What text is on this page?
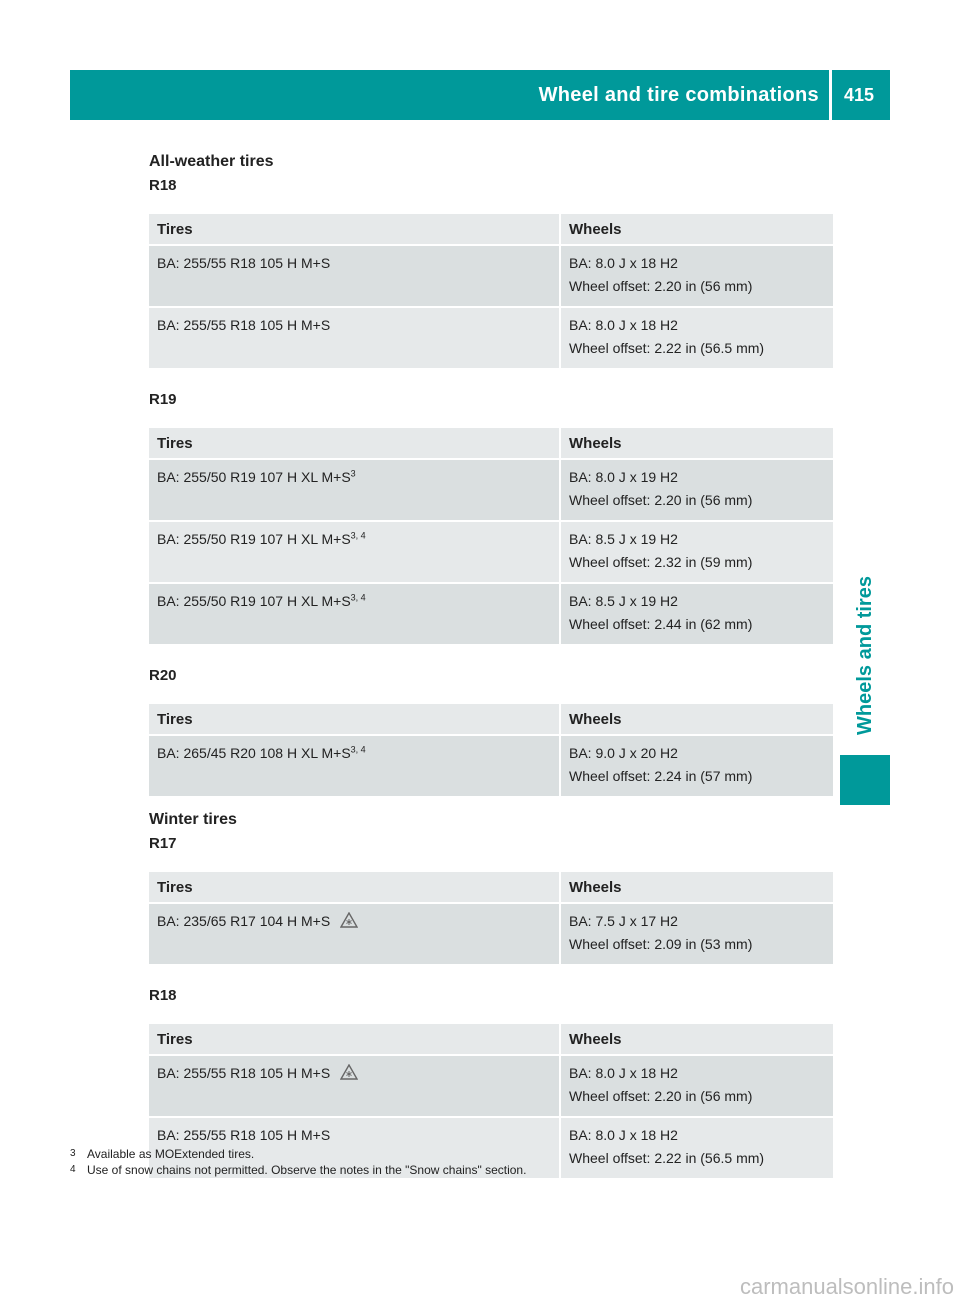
Wheel and tire combinations	415
Wheels and tires
All-weather tires
R18
Tires	Wheels
BA: 255/55 R18 105 H M+S	BA: 8.0 J x 18 H2
Wheel offset: 2.20 in (56 mm)

BA: 255/55 R18 105 H M+S	BA: 8.0 J x 18 H2
Wheel offset: 2.22 in (56.5 mm)
R19
Tires	Wheels
BA: 255/50 R19 107 H XL $M+S^3$	BA: 8.0 J x 19 H2
Wheel offset: 2.20 in (56 mm)

BA: 255/50 R19 107 H XL $M+S^{3, 4}$	BA: 8.5 J x 19 H2
Wheel offset: 2.32 in (59 mm)

BA: 255/50 R19 107 H XL $M+S^{3, 4}$	BA: 8.5 J x 19 H2
Wheel offset: 2.44 in (62 mm)
R20
Tires	Wheels
BA: 265/45 R20 108 H XL $M+S^{3, 4}$	BA: 9.0 J x 20 H2
Wheel offset: 2.24 in (57 mm)
Winter tires
R17
Tires	Wheels
BA: 235/65 R17 104 H M+S	BA: 7.5 J x 17 H2
Wheel offset: 2.09 in (53 mm)
R18
Tires	Wheels
BA: 255/55 R18 105 H M+S	BA: 8.0 J x 18 H2
Wheel offset: 2.20 in (56 mm)

BA: 255/55 R18 105 H M+S	BA: 8.0 J x 18 H2
Wheel offset: 2.22 in (56.5 mm)
3 Available as MOExtended tires.
4 Use of snow chains not permitted. Observe the notes in the "Snow chains" section.
carmanualsonline.info
